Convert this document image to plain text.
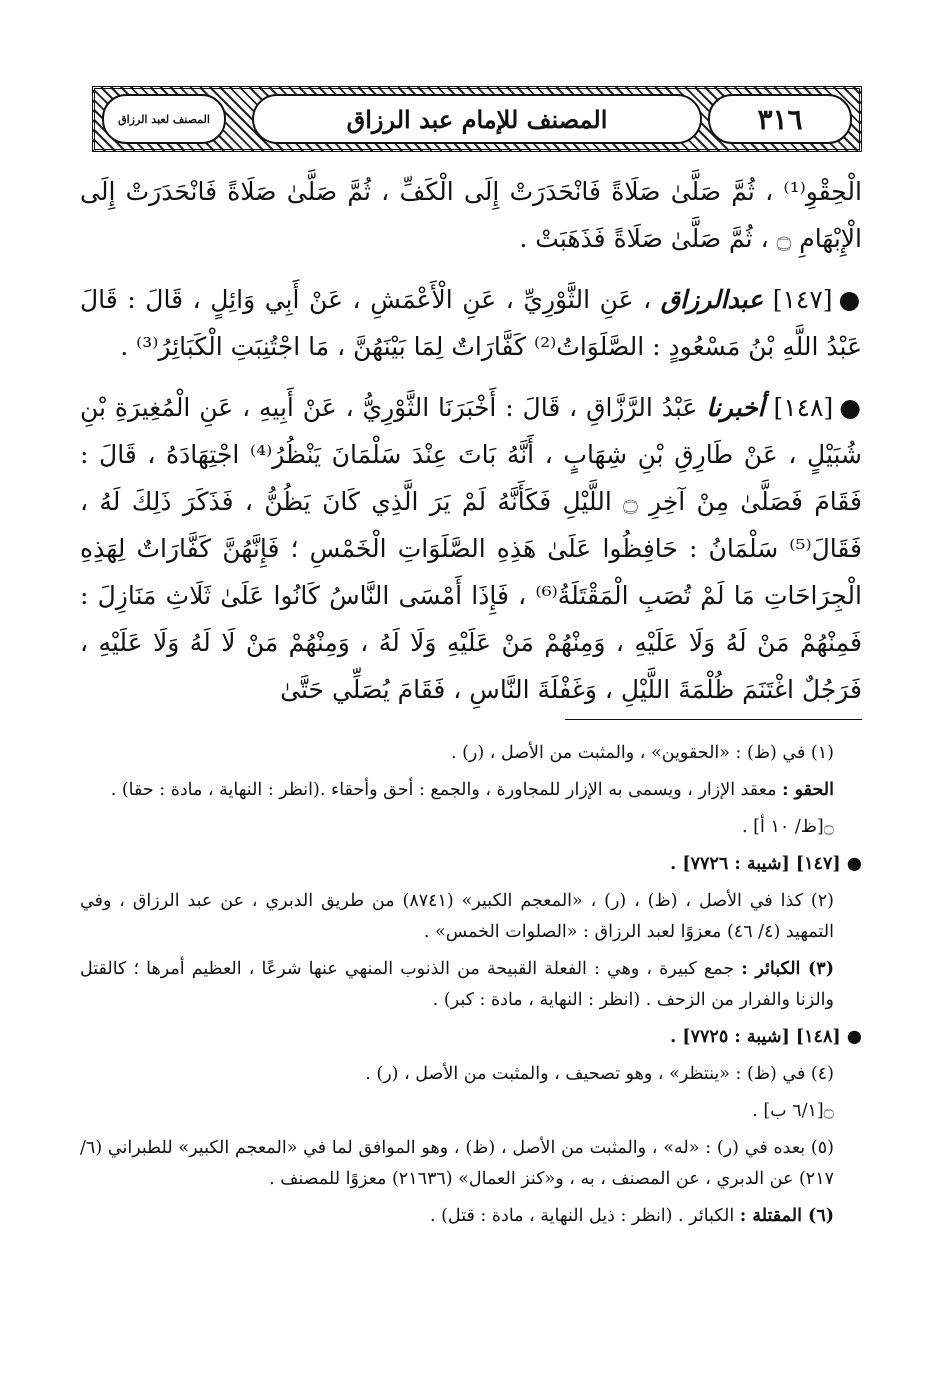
٣١٦
المصنف للإمام عبد الرزاق
المصنف لعبد الرزاق

الْحِقْوِ⁽¹⁾ ، ثُمَّ صَلَّىٰ صَلَاةً فَانْحَدَرَتْ إِلَى الْكَفِّ ، ثُمَّ صَلَّىٰ صَلَاةً فَانْحَدَرَتْ إِلَى الْإِبْهَامِ ۝ ، ثُمَّ صَلَّىٰ صَلَاةً فَذَهَبَتْ .

●[١٤٧] عبدالرزاق ، عَنِ الثَّوْرِيِّ ، عَنِ الْأَعْمَشِ ، عَنْ أَبِي وَائِلٍ ، قَالَ : قَالَ عَبْدُ اللَّهِ بْنُ مَسْعُودٍ : الصَّلَوَاتُ⁽²⁾ كَفَّارَاتٌ لِمَا بَيْنَهُنَّ ، مَا اجْتُنِبَتِ الْكَبَائِرُ⁽³⁾ .

●[١٤٨] أخبرنا عَبْدُ الرَّزَّاقِ ، قَالَ : أَخْبَرَنَا الثَّوْرِيُّ ، عَنْ أَبِيهِ ، عَنِ الْمُغِيرَةِ بْنِ شُبَيْلٍ ، عَنْ طَارِقِ بْنِ شِهَابٍ ، أَنَّهُ بَاتَ عِنْدَ سَلْمَانَ يَنْظُرُ⁽⁴⁾ اجْتِهَادَهُ ، قَالَ : فَقَامَ فَصَلَّىٰ مِنْ آخِرِ ۝ اللَّيْلِ فَكَأَنَّهُ لَمْ يَرَ الَّذِي كَانَ يَظُنُّ ، فَذَكَرَ ذَلِكَ لَهُ ، فَقَالَ⁽⁵⁾ سَلْمَانُ : حَافِظُوا عَلَىٰ هَذِهِ الصَّلَوَاتِ الْخَمْسِ ؛ فَإِنَّهُنَّ كَفَّارَاتٌ لِهَذِهِ الْجِرَاحَاتِ مَا لَمْ تُصَبِ الْمَقْتَلَةُ⁽⁶⁾ ، فَإِذَا أَمْسَى النَّاسُ كَانُوا عَلَىٰ ثَلَاثِ مَنَازِلَ : فَمِنْهُمْ مَنْ لَهُ وَلَا عَلَيْهِ ، وَمِنْهُمْ مَنْ عَلَيْهِ وَلَا لَهُ ، وَمِنْهُمْ مَنْ لَا لَهُ وَلَا عَلَيْهِ ، فَرَجُلٌ اغْتَنَمَ ظُلْمَةَ اللَّيْلِ ، وَغَفْلَةَ النَّاسِ ، فَقَامَ يُصَلِّي حَتَّىٰ

(١) في (ظ) : «الحقوين» ، والمثبت من الأصل ، (ر) .

الحقو : معقد الإزار ، ويسمى به الإزار للمجاورة ، والجمع : أحق وأحقاء .(انظر : النهاية ، مادة : حقا) .

۝[ظ/ ١٠ أ] .

● [١٤٧] [شيبة : ٧٧٢٦] .

(٢) كذا في الأصل ، (ظ) ، (ر) ، «المعجم الكبير» (٨٧٤١) من طريق الدبري ، عن عبد الرزاق ، وفي التمهيد (٤/ ٤٦) معزوًا لعبد الرزاق : «الصلوات الخمس» .

(٣) الكبائر : جمع كبيرة ، وهي : الفعلة القبيحة من الذنوب المنهي عنها شرعًا ، العظيم أمرها ؛ كالقتل والزنا والفرار من الزحف . (انظر : النهاية ، مادة : كبر) .

● [١٤٨] [شيبة : ٧٧٢٥] .

(٤) في (ظ) : «ينتظر» ، وهو تصحيف ، والمثبت من الأصل ، (ر) .

۝[٦/١ ب] .

(٥) بعده في (ر) : «له» ، والمثبت من الأصل ، (ظ) ، وهو الموافق لما في «المعجم الكبير» للطبراني (٦/ ٢١٧) عن الدبري ، عن المصنف ، به ، و«كنز العمال» (٢١٦٣٦) معزوًا للمصنف .

(٦) المقتلة : الكبائر . (انظر : ذيل النهاية ، مادة : قتل) .
